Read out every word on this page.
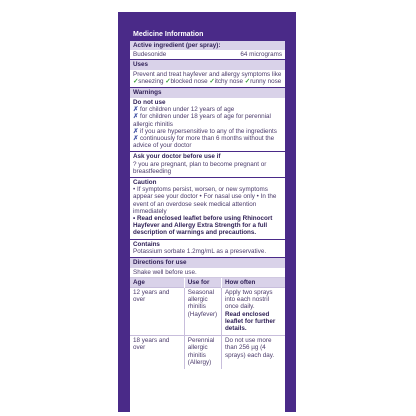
Medicine Information
Active ingredient (per spray):
Budesonide	64 micrograms
Uses
Prevent and treat hayfever and allergy symptoms like
✓sneezing ✓blocked nose ✓itchy nose ✓runny nose
Warnings
Do not use
✗ for children under 12 years of age
✗ for children under 18 years of age for perennial allergic rhinitis
✗ if you are hypersensitive to any of the ingredients
✗ continuously for more than 6 months without the advice of your doctor
Ask your doctor before use if
? you are pregnant, plan to become pregnant or breastfeeding
Caution
• If symptoms persist, worsen, or new symptoms appear see your doctor • For nasal use only • In the event of an overdose seek medical attention immediately
• Read enclosed leaflet before using Rhinocort Hayfever and Allergy Extra Strength for a full description of warnings and precautions.
Contains
Potassium sorbate 1.2mg/mL as a preservative.
Directions for use
Shake well before use.
Age	Use for	How often
12 years and over	Seasonal allergic rhinitis (Hayfever)	Apply two sprays into each nostril once daily.
Read enclosed leaflet for further details.

18 years and over	Perennial allergic rhinitis (Allergy)	Do not use more than 256 µg (4 sprays) each day.
